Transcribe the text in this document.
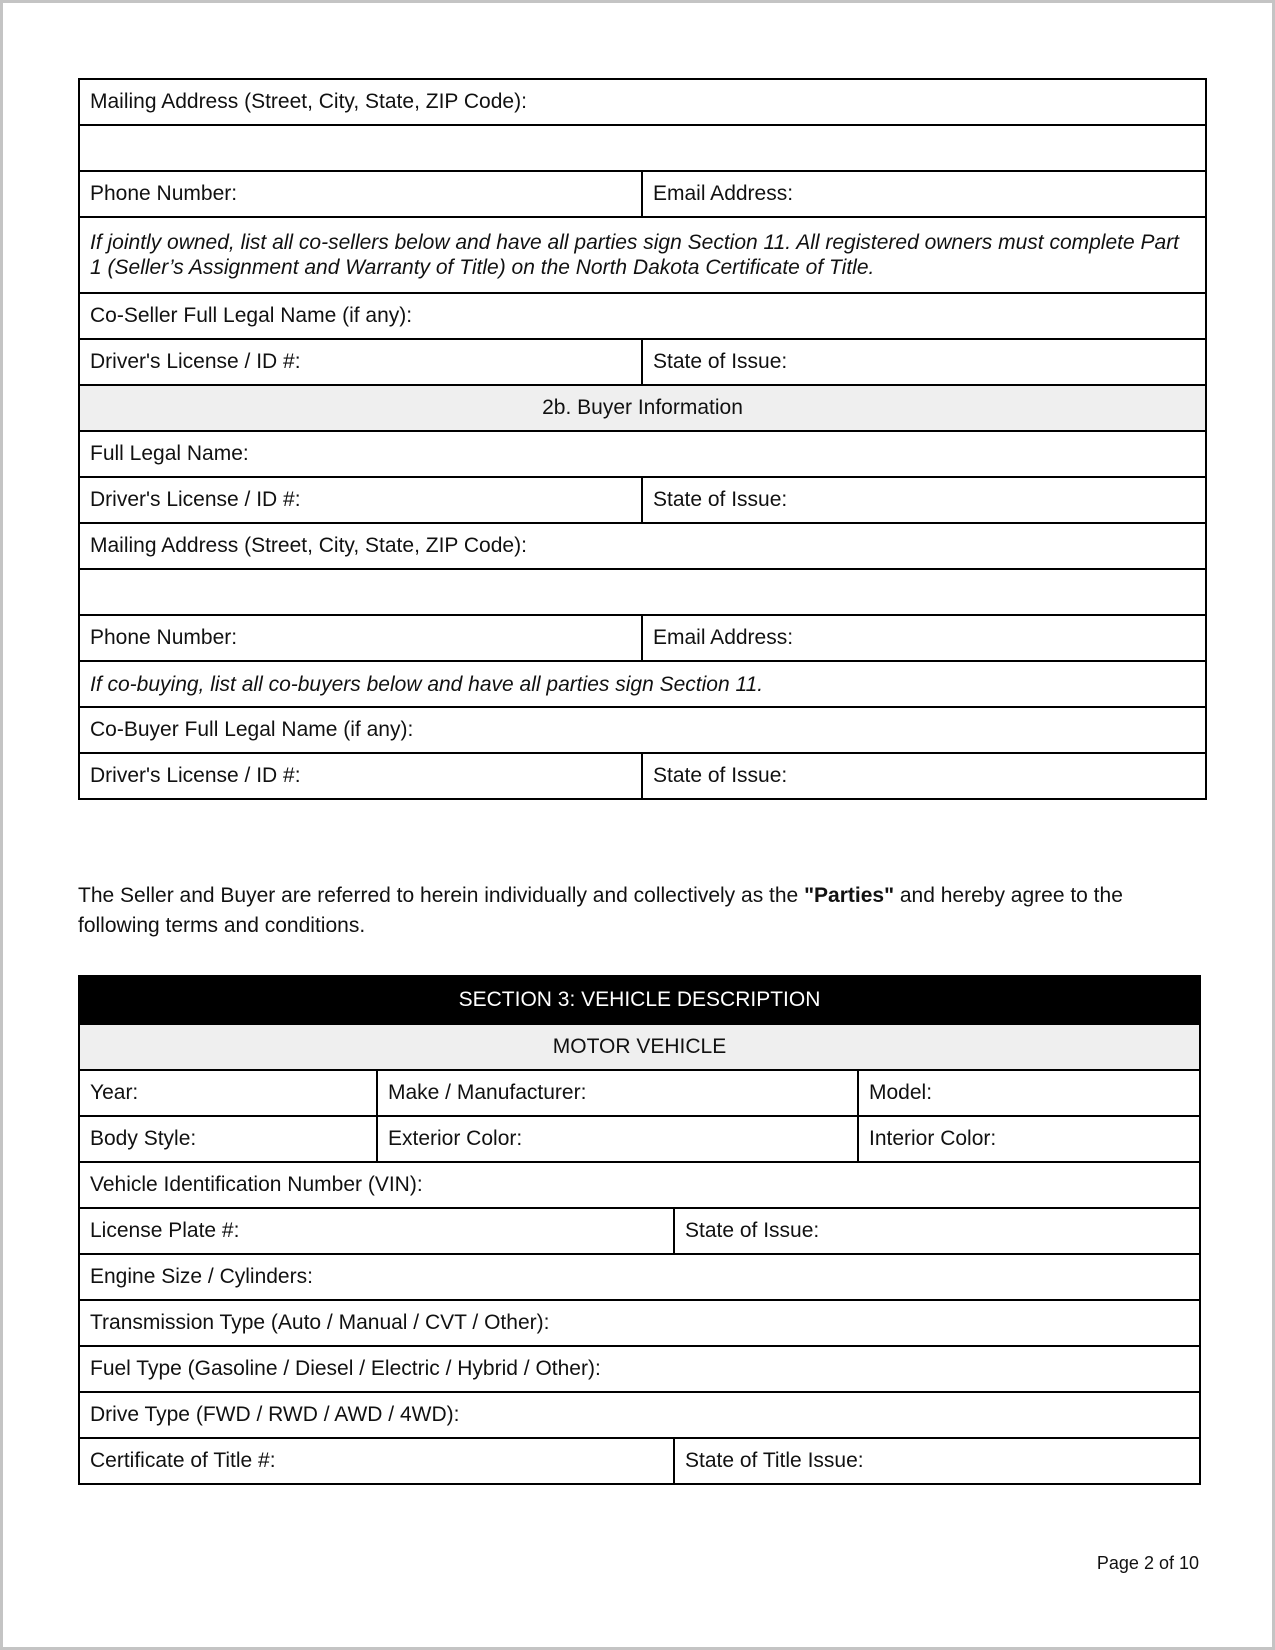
Mailing Address (Street, City, State, ZIP Code):	

Phone Number:	Email Address:
If jointly owned, list all co-sellers below and have all parties sign Section 11. All registered owners must complete Part 1 (Seller’s Assignment and Warranty of Title) on the North Dakota Certificate of Title.	
Co-Seller Full Legal Name (if any):	
Driver's License / ID #:	State of Issue:
2b. Buyer Information	
Full Legal Name:	
Driver's License / ID #:	State of Issue:
Mailing Address (Street, City, State, ZIP Code):	

Phone Number:	Email Address:
If co-buying, list all co-buyers below and have all parties sign Section 11.	
Co-Buyer Full Legal Name (if any):	
Driver's License / ID #:	State of Issue:

The Seller and Buyer are referred to herein individually and collectively as the "Parties" and hereby agree to the following terms and conditions.

SECTION 3: VEHICLE DESCRIPTION			
MOTOR VEHICLE			
Year:	Make / Manufacturer:		Model:
Body Style:	Exterior Color:		Interior Color:
Vehicle Identification Number (VIN):			
License Plate #:		State of Issue:	
Engine Size / Cylinders:			
Transmission Type (Auto / Manual / CVT / Other):			
Fuel Type (Gasoline / Diesel / Electric / Hybrid / Other):			
Drive Type (FWD / RWD / AWD / 4WD):			
Certificate of Title #:		State of Title Issue:	
Page 2 of 10
